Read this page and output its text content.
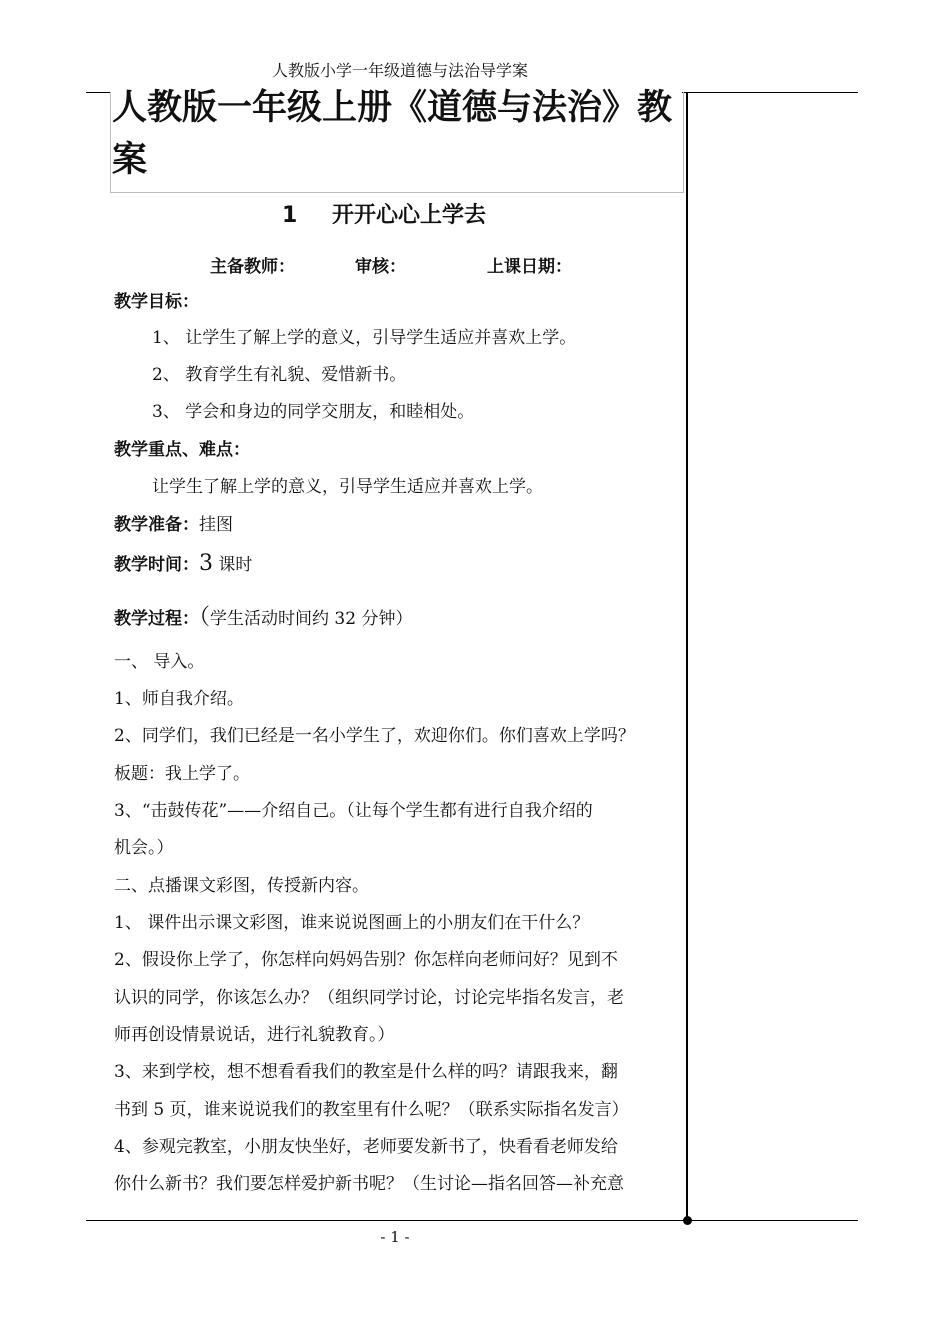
人教版小学一年级道德与法治导学案
人教版一年级上册《道德与法治》教案
1 开开心心上学去
主备教师：	审核：	上课日期：
教学目标：
1、 让学生了解上学的意义，引导学生适应并喜欢上学。
2、 教育学生有礼貌、爱惜新书。
3、 学会和身边的同学交朋友，和睦相处。
教学重点、难点：
让学生了解上学的意义，引导学生适应并喜欢上学。
教学准备：挂图
教学时间：3 课时
教学过程：（学生活动时间约 32 分钟）
一、 导入。
1、师自我介绍。
2、同学们，我们已经是一名小学生了，欢迎你们。你们喜欢上学吗？
板题：我上学了。
3、“击鼓传花”——介绍自己。（让每个学生都有进行自我介绍的
机会。）
二、点播课文彩图，传授新内容。
1、 课件出示课文彩图，谁来说说图画上的小朋友们在干什么？
2、假设你上学了，你怎样向妈妈告别？你怎样向老师问好？见到不
认识的同学，你该怎么办？（组织同学讨论，讨论完毕指名发言，老
师再创设情景说话，进行礼貌教育。）
3、来到学校，想不想看看我们的教室是什么样的吗？请跟我来，翻
书到 5 页，谁来说说我们的教室里有什么呢？（联系实际指名发言）
4、参观完教室，小朋友快坐好，老师要发新书了，快看看老师发给
你什么新书？我们要怎样爱护新书呢？（生讨论—指名回答—补充意
- 1 -
